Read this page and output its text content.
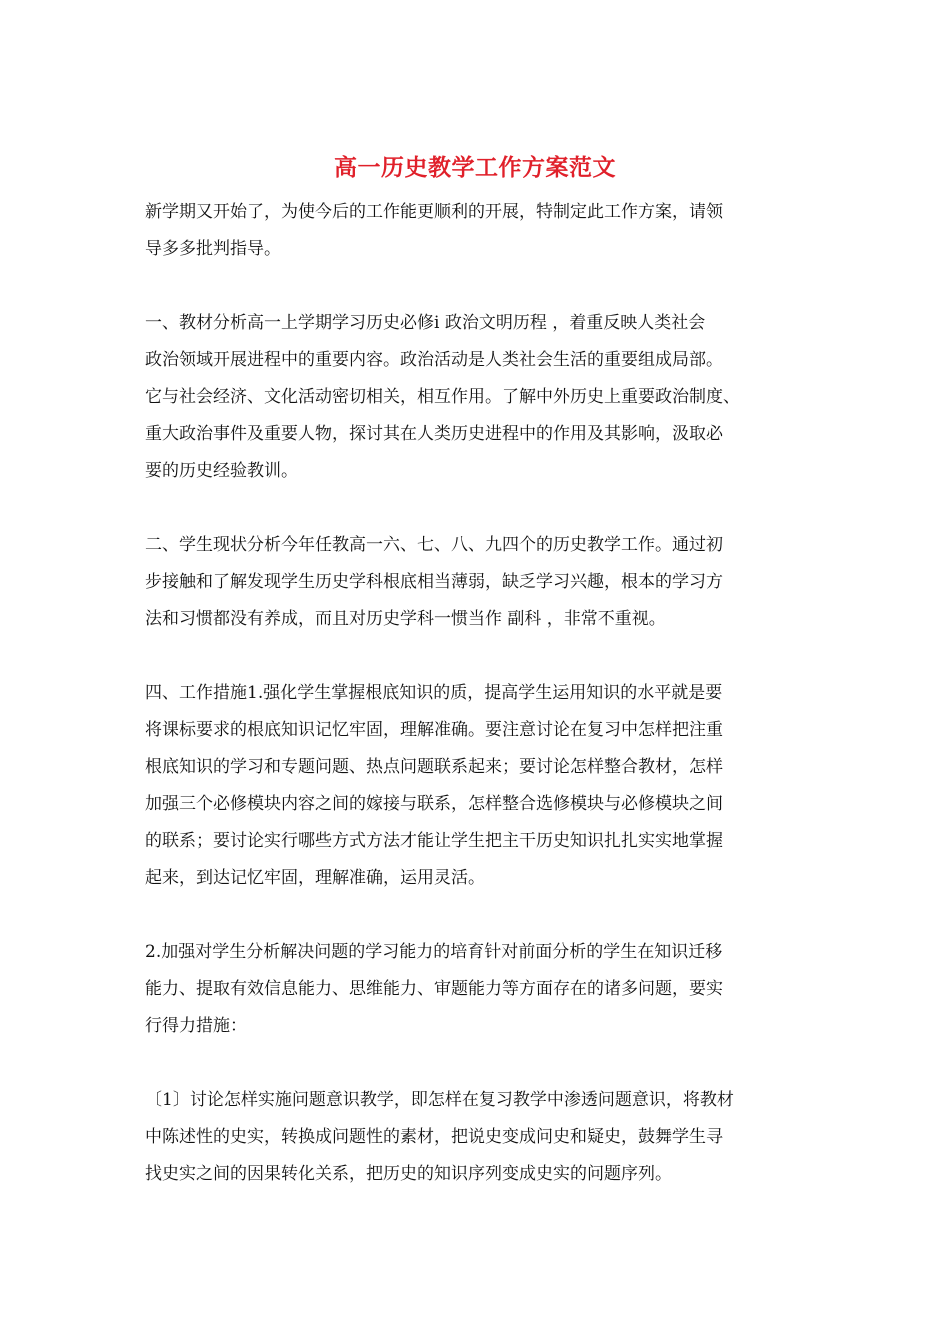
高一历史教学工作方案范文
新学期又开始了，为使今后的工作能更顺利的开展，特制定此工作方案，请领
导多多批判指导。
一、教材分析高一上学期学习历史必修ⅰ 政治文明历程 ，着重反映人类社会
政治领域开展进程中的重要内容。政治活动是人类社会生活的重要组成局部。
它与社会经济、文化活动密切相关，相互作用。了解中外历史上重要政治制度、
重大政治事件及重要人物，探讨其在人类历史进程中的作用及其影响，汲取必
要的历史经验教训。
二、学生现状分析今年任教高一六、七、八、九四个的历史教学工作。通过初
步接触和了解发现学生历史学科根底相当薄弱，缺乏学习兴趣，根本的学习方
法和习惯都没有养成，而且对历史学科一惯当作 副科 ，非常不重视。
四、工作措施1.强化学生掌握根底知识的质，提高学生运用知识的水平就是要
将课标要求的根底知识记忆牢固，理解准确。要注意讨论在复习中怎样把注重
根底知识的学习和专题问题、热点问题联系起来；要讨论怎样整合教材，怎样
加强三个必修模块内容之间的嫁接与联系，怎样整合选修模块与必修模块之间
的联系；要讨论实行哪些方式方法才能让学生把主干历史知识扎扎实实地掌握
起来，到达记忆牢固，理解准确，运用灵活。
2.加强对学生分析解决问题的学习能力的培育针对前面分析的学生在知识迁移
能力、提取有效信息能力、思维能力、审题能力等方面存在的诸多问题，要实
行得力措施：
〔1〕讨论怎样实施问题意识教学，即怎样在复习教学中渗透问题意识，将教材
中陈述性的史实，转换成问题性的素材，把说史变成问史和疑史，鼓舞学生寻
找史实之间的因果转化关系，把历史的知识序列变成史实的问题序列。
